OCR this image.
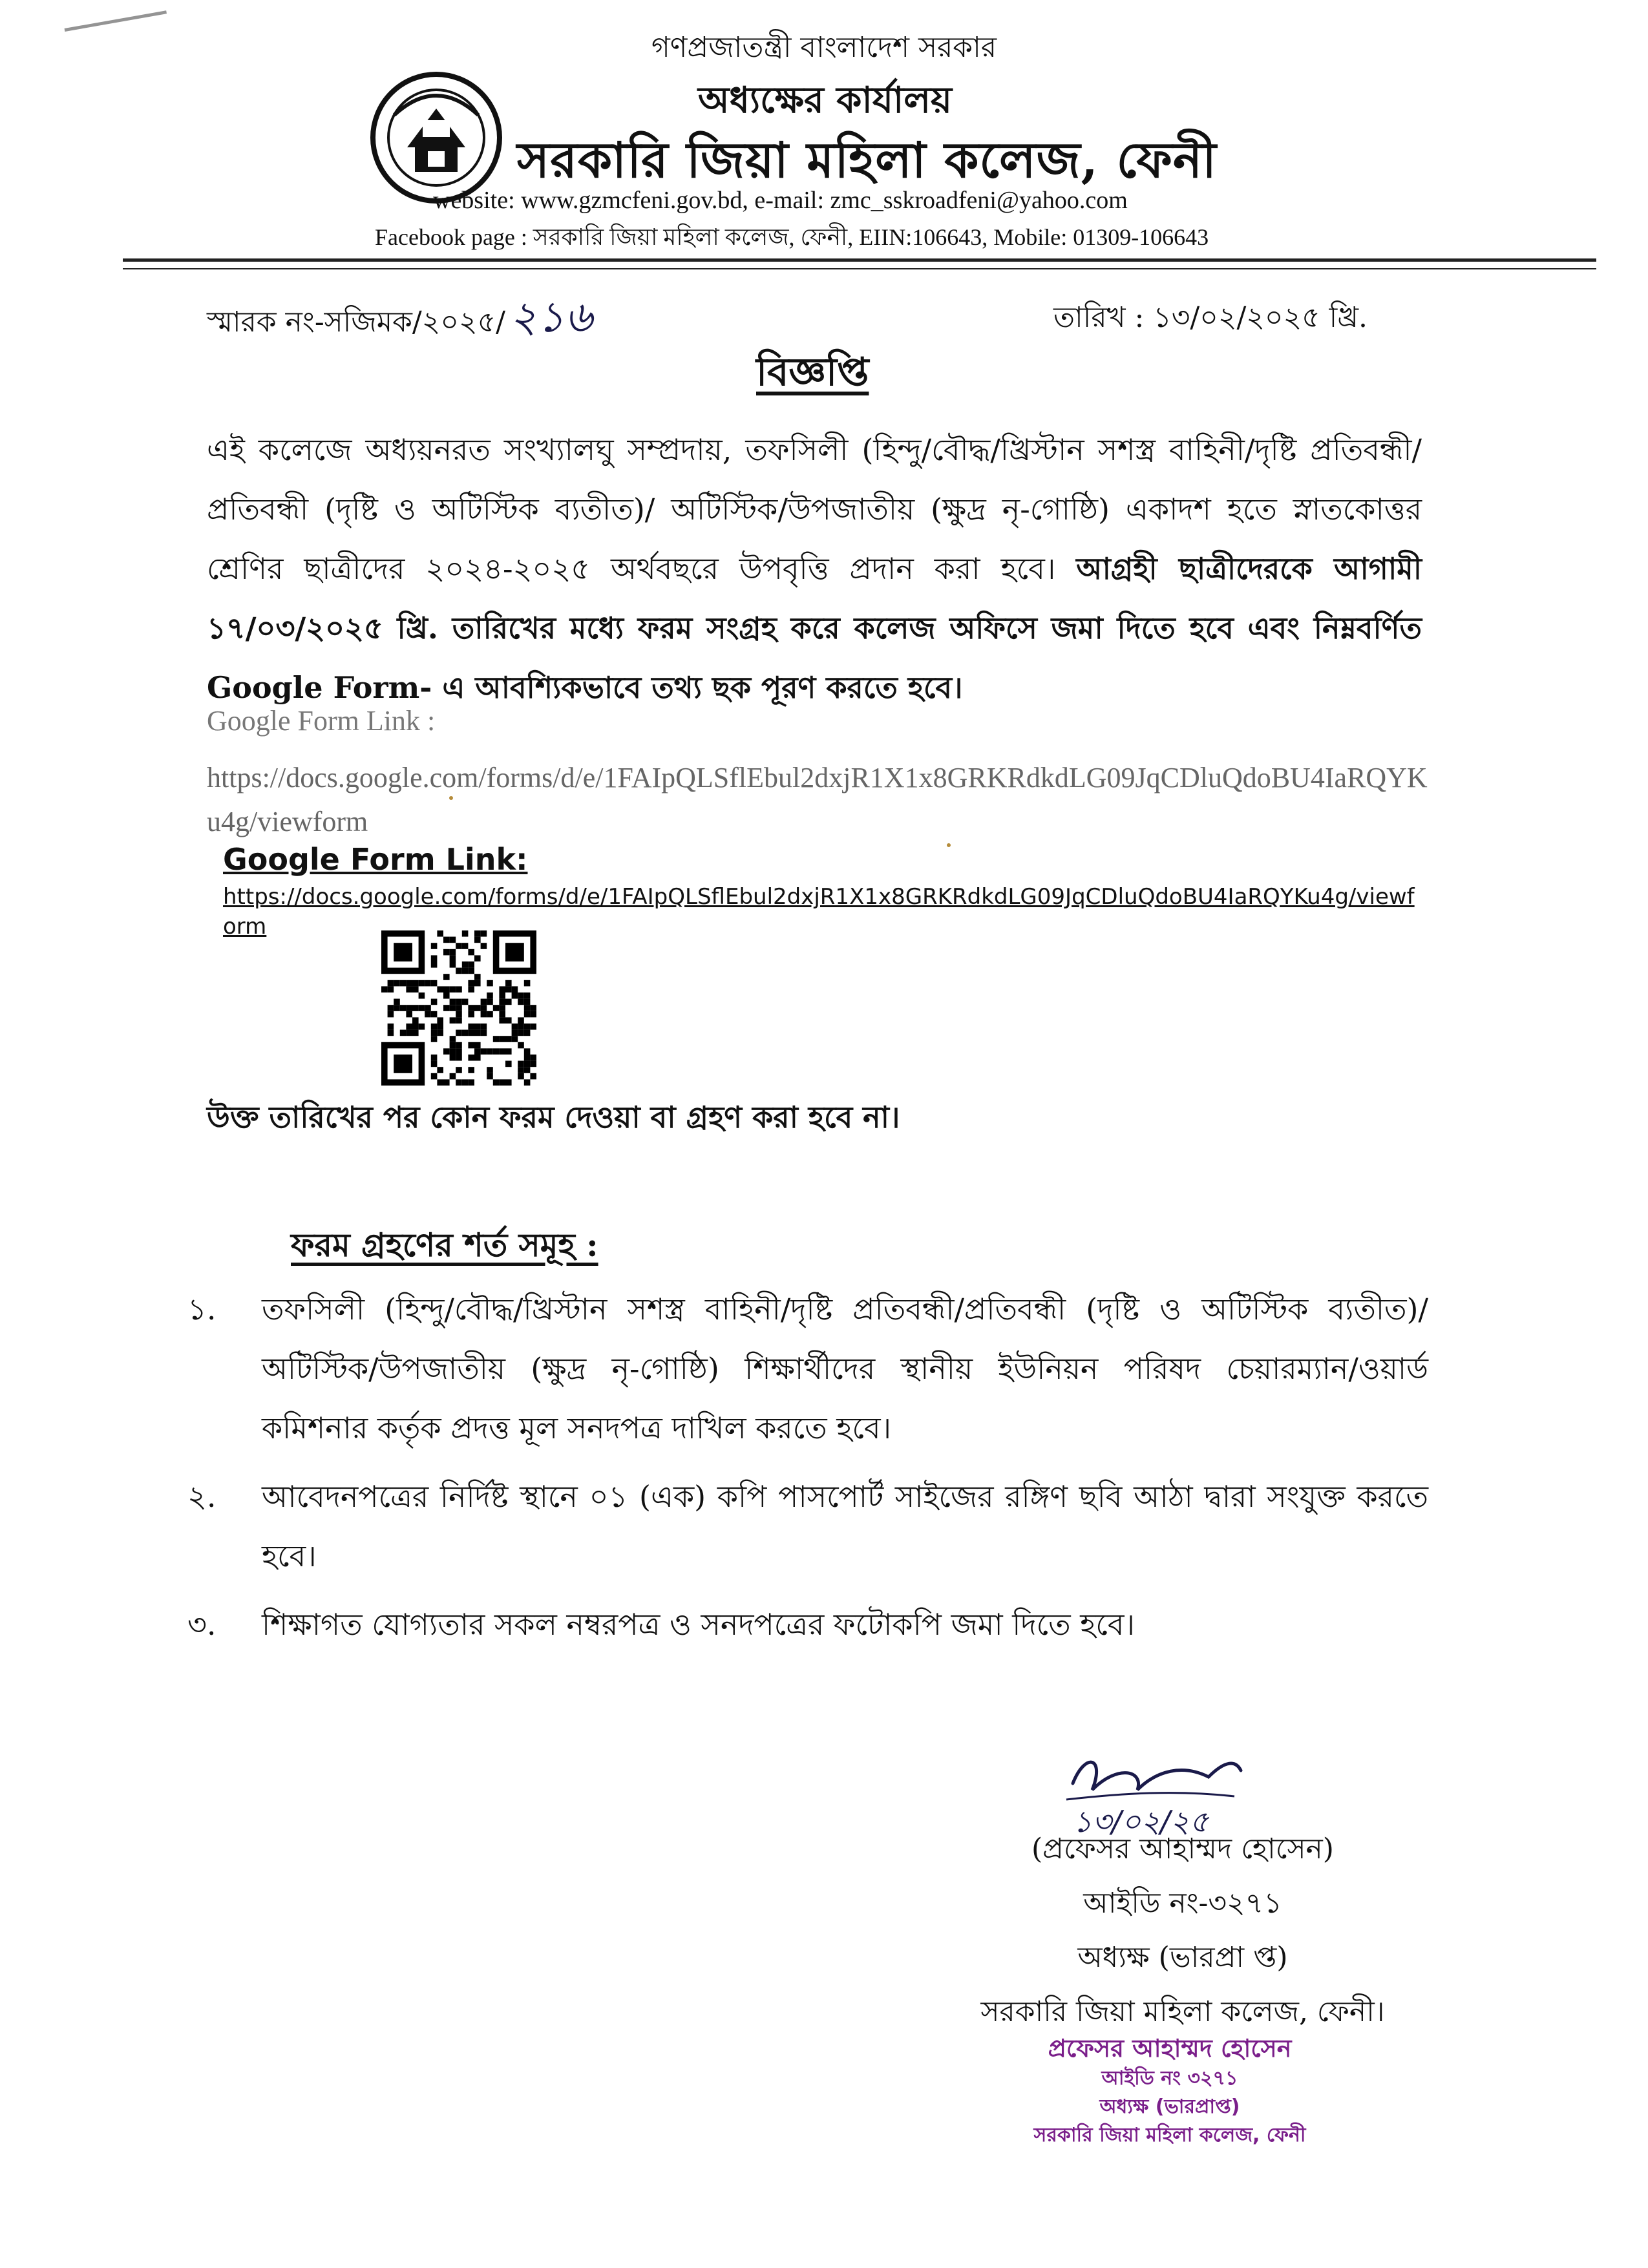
গণপ্রজাতন্ত্রী বাংলাদেশ সরকার
অধ্যক্ষের কার্যালয়
সরকারি জিয়া মহিলা কলেজ, ফেনী
website: www.gzmcfeni.gov.bd, e-mail: zmc_sskroadfeni@yahoo.com
Facebook page : সরকারি জিয়া মহিলা কলেজ, ফেনী, EIIN:106643, Mobile: 01309-106643
স্মারক নং-সজিমক/২০২৫/২১৬	তারিখ : ১৩/০২/২০২৫ খ্রি.
বিজ্ঞপ্তি
এই কলেজে অধ্যয়নরত সংখ্যালঘু সম্প্রদায়, তফসিলী (হিন্দু/বৌদ্ধ/খ্রিস্টান সশস্ত্র বাহিনী/দৃষ্টি প্রতিবন্ধী/প্রতিবন্ধী (দৃষ্টি ও অটিস্টিক ব্যতীত)/ অটিস্টিক/উপজাতীয় (ক্ষুদ্র নৃ-গোষ্ঠি) একাদশ হতে স্নাতকোত্তর শ্রেণির ছাত্রীদের ২০২৪-২০২৫ অর্থবছরে উপবৃত্তি প্রদান করা হবে। আগ্রহী ছাত্রীদেরকে আগামী ১৭/০৩/২০২৫ খ্রি. তারিখের মধ্যে ফরম সংগ্রহ করে কলেজ অফিসে জমা দিতে হবে এবং নিম্নবর্ণিত Google Form- এ আবশ্যিকভাবে তথ্য ছক পূরণ করতে হবে।
Google Form Link :
https://docs.google.com/forms/d/e/1FAIpQLSflEbul2dxjR1X1x8GRKRdkdLG09JqCDluQdoBU4IaRQYKu4g/viewform
Google Form Link:
https://docs.google.com/forms/d/e/1FAIpQLSflEbul2dxjR1X1x8GRKRdkdLG09JqCDluQdoBU4IaRQYKu4g/viewform
উক্ত তারিখের পর কোন ফরম দেওয়া বা গ্রহণ করা হবে না।
ফরম গ্রহণের শর্ত সমূহ :
১. তফসিলী (হিন্দু/বৌদ্ধ/খ্রিস্টান সশস্ত্র বাহিনী/দৃষ্টি প্রতিবন্ধী/প্রতিবন্ধী (দৃষ্টি ও অটিস্টিক ব্যতীত)/ অটিস্টিক/উপজাতীয় (ক্ষুদ্র নৃ-গোষ্ঠি) শিক্ষার্থীদের স্থানীয় ইউনিয়ন পরিষদ চেয়ারম্যান/ওয়ার্ড কমিশনার কর্তৃক প্রদত্ত মূল সনদপত্র দাখিল করতে হবে।
২. আবেদনপত্রের নির্দিষ্ট স্থানে ০১ (এক) কপি পাসপোর্ট সাইজের রঙ্গিণ ছবি আঠা দ্বারা সংযুক্ত করতে হবে।
৩. শিক্ষাগত যোগ্যতার সকল নম্বরপত্র ও সনদপত্রের ফটোকপি জমা দিতে হবে।
১৩/০২/২৫
(প্রফেসর আহাম্মদ হোসেন)
আইডি নং-৩২৭১
অধ্যক্ষ (ভারপ্রা প্ত)
সরকারি জিয়া মহিলা কলেজ, ফেনী।
প্রফেসর আহাম্মদ হোসেন
আইডি নং ৩২৭১
অধ্যক্ষ (ভারপ্রাপ্ত)
সরকারি জিয়া মহিলা কলেজ, ফেনী
